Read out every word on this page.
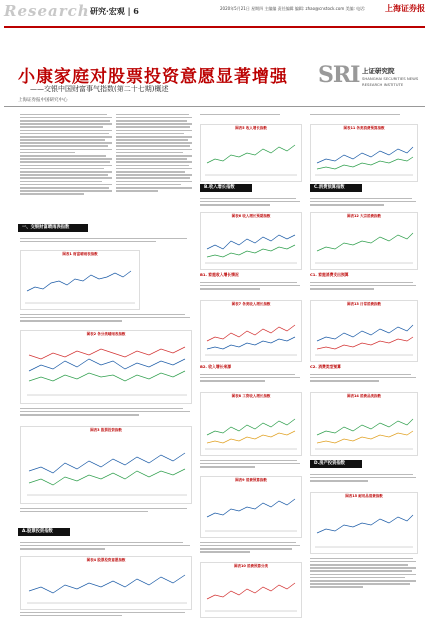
Research 研究·宏观 | 6	2020年5月21日 星期四 主编编 责任编辑 编辑: zhao@cnstock.com 美编: 电话: 上海证券报
小康家庭对股票投资意愿显著增强
——交银中国财富事气指数(第二十七期)概述
上海证券报中国研究中心
SRI 上证研究院
SHANGHAI SECURITIES NEWS
RESEARCH INSTITUTE
一、交银财富晴雨表指数
图表1 财富晴雨表指数
图表2 各分类晴雨表指数
图表3 股票投资指数
A.股票投资指数
图表4 股票投资意愿指数
图表5 收入增长指数
B.收入增长指数
图表6 收入增长预期指数
B1. 家庭收入增长情况
图表7 各类收入增长指数
B2. 收入增长来源
图表8 工资收入增长指数
图表9 消费预算指数
图表10 消费预算分类
图表11 各类消费预算指数
C.消费预算指数
图表12 大宗消费指数
C1. 家庭消费支出预算
图表13 日常消费指数
C2. 消费类型预算
图表14 消费品类指数
D.房产投资指数
图表15 耐用品消费指数
